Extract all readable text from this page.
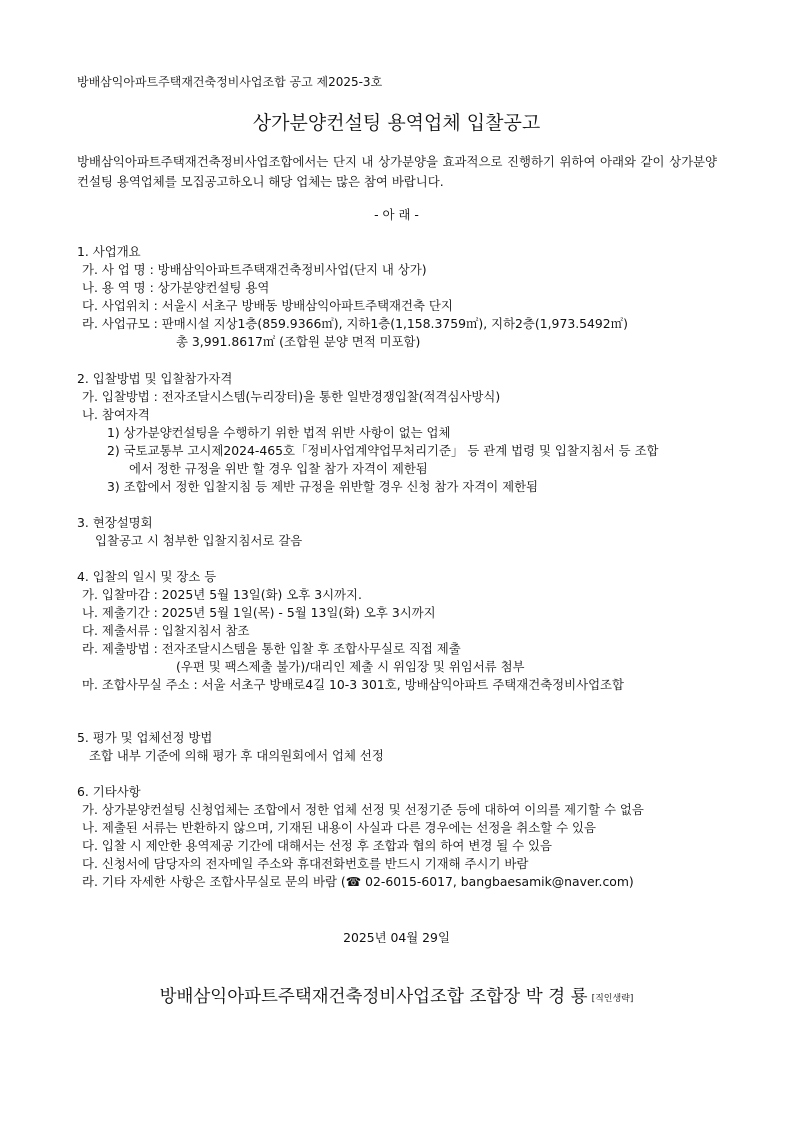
방배삼익아파트주택재건축정비사업조합 공고 제2025-3호
상가분양컨설팅 용역업체 입찰공고
방배삼익아파트주택재건축정비사업조합에서는 단지 내 상가분양을 효과적으로 진행하기 위하여 아래와 같이 상가분양컨설팅 용역업체를 모집공고하오니 해당 업체는 많은 참여 바랍니다.
- 아 래 -
1. 사업개요
가. 사 업 명 : 방배삼익아파트주택재건축정비사업(단지 내 상가)
나. 용 역 명 : 상가분양컨설팅 용역
다. 사업위치 : 서울시 서초구 방배동 방배삼익아파트주택재건축 단지
라. 사업규모 : 판매시설 지상1층(859.9366㎡), 지하1층(1,158.3759㎡), 지하2층(1,973.5492㎡)
총 3,991.8617㎡ (조합원 분양 면적 미포함)
2. 입찰방법 및 입찰참가자격
가. 입찰방법 : 전자조달시스템(누리장터)을 통한 일반경쟁입찰(적격심사방식)
나. 참여자격
1) 상가분양컨설팅을 수행하기 위한 법적 위반 사항이 없는 업체
2) 국토교통부 고시제2024-465호「정비사업계약업무처리기준」 등 관계 법령 및 입찰지침서 등 조합
에서 정한 규정을 위반 할 경우 입찰 참가 자격이 제한됨
3) 조합에서 정한 입찰지침 등 제반 규정을 위반할 경우 신청 참가 자격이 제한됨
3. 현장설명회
입찰공고 시 첨부한 입찰지침서로 갈음
4. 입찰의 일시 및 장소 등
가. 입찰마감 : 2025년 5월 13일(화) 오후 3시까지.
나. 제출기간 : 2025년 5월 1일(목) - 5월 13일(화) 오후 3시까지
다. 제출서류 : 입찰지침서 참조
라. 제출방법 : 전자조달시스템을 통한 입찰 후 조합사무실로 직접 제출
(우편 및 팩스제출 불가)/대리인 제출 시 위임장 및 위임서류 첨부
마. 조합사무실 주소 : 서울 서초구 방배로4길 10-3 301호, 방배삼익아파트 주택재건축정비사업조합
5. 평가 및 업체선정 방법
조합 내부 기준에 의해 평가 후 대의원회에서 업체 선정
6. 기타사항
가. 상가분양컨설팅 신청업체는 조합에서 정한 업체 선정 및 선정기준 등에 대하여 이의를 제기할 수 없음
나. 제출된 서류는 반환하지 않으며, 기재된 내용이 사실과 다른 경우에는 선정을 취소할 수 있음
다. 입찰 시 제안한 용역제공 기간에 대해서는 선정 후 조합과 협의 하여 변경 될 수 있음
다. 신청서에 담당자의 전자메일 주소와 휴대전화번호를 반드시 기재해 주시기 바람
라. 기타 자세한 사항은 조합사무실로 문의 바람 (☎ 02-6015-6017, bangbaesamik@naver.com)
2025년 04월 29일
방배삼익아파트주택재건축정비사업조합 조합장 박 경 룡 [직인생략]
